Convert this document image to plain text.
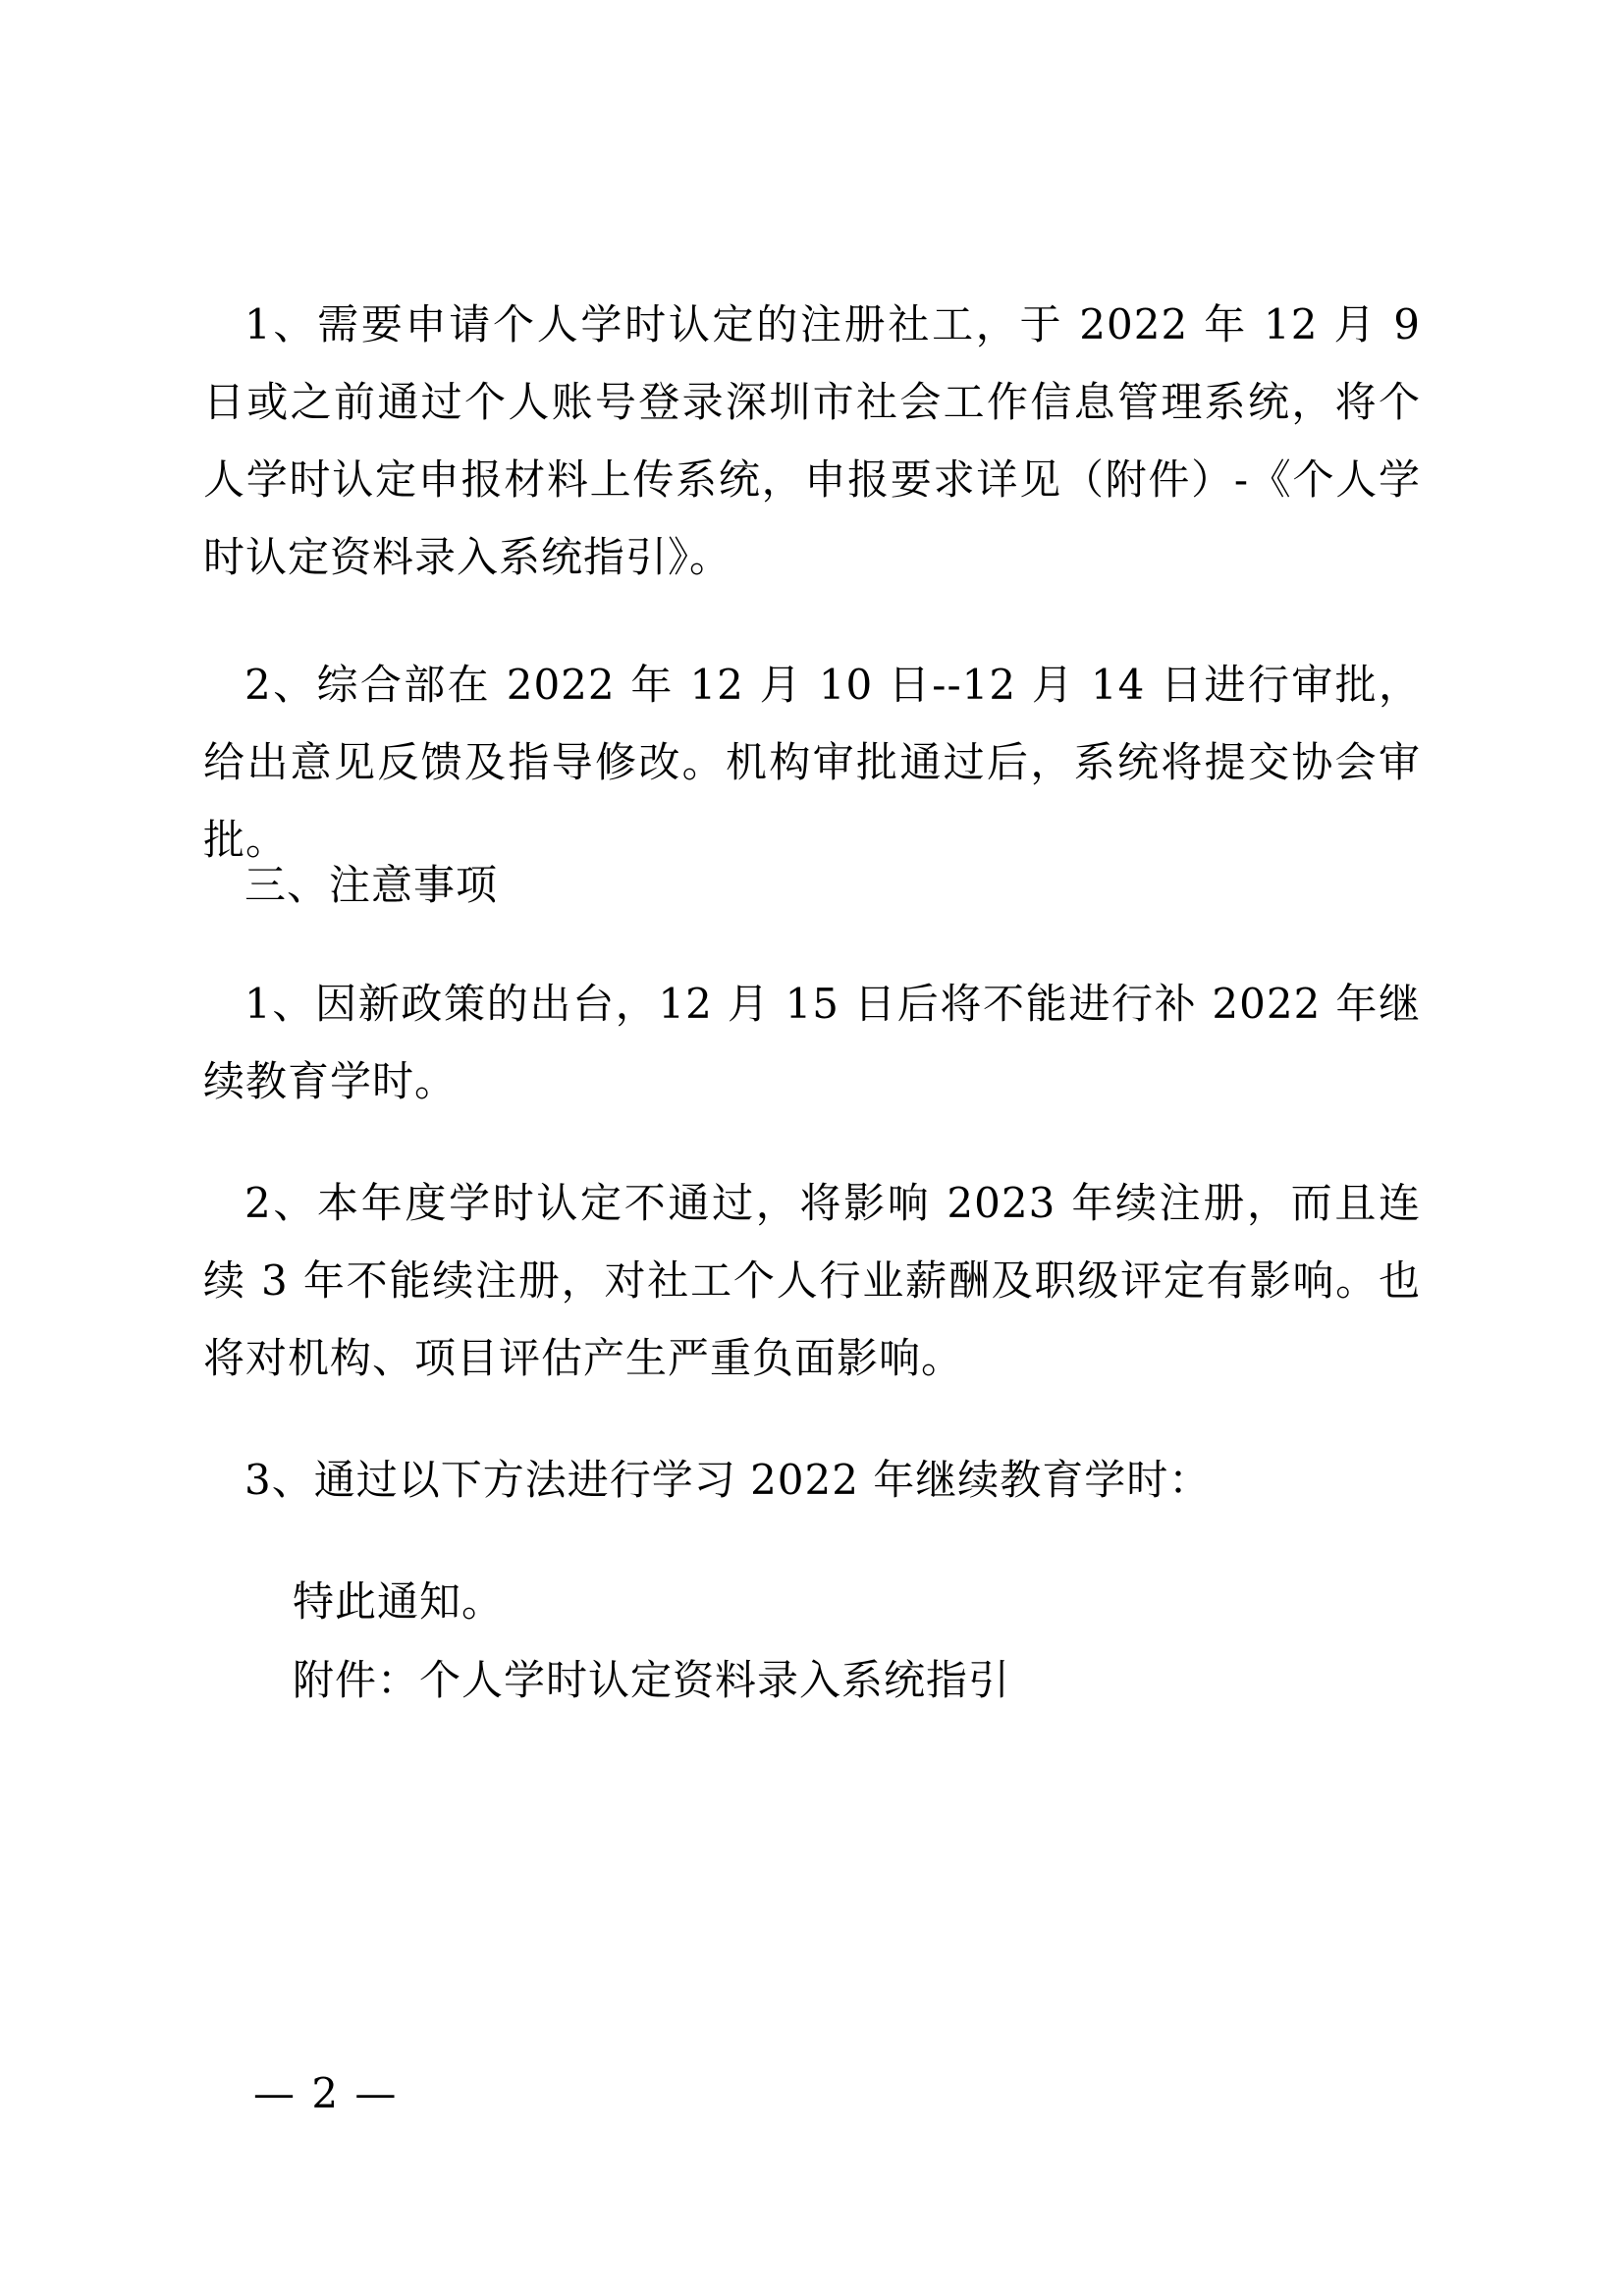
1、需要申请个人学时认定的注册社工，于 2022 年 12 月 9 日或之前通过个人账号登录深圳市社会工作信息管理系统，将个人学时认定申报材料上传系统，申报要求详见（附件）-《个人学时认定资料录入系统指引》。
2、综合部在 2022 年 12 月 10 日--12 月 14 日进行审批，给出意见反馈及指导修改。机构审批通过后，系统将提交协会审批。
三、注意事项
1、因新政策的出台，12 月 15 日后将不能进行补 2022 年继续教育学时。
2、本年度学时认定不通过，将影响 2023 年续注册，而且连续 3 年不能续注册，对社工个人行业薪酬及职级评定有影响。也将对机构、项目评估产生严重负面影响。
3、通过以下方法进行学习 2022 年继续教育学时：
特此通知。
附件：个人学时认定资料录入系统指引
— 2 —
